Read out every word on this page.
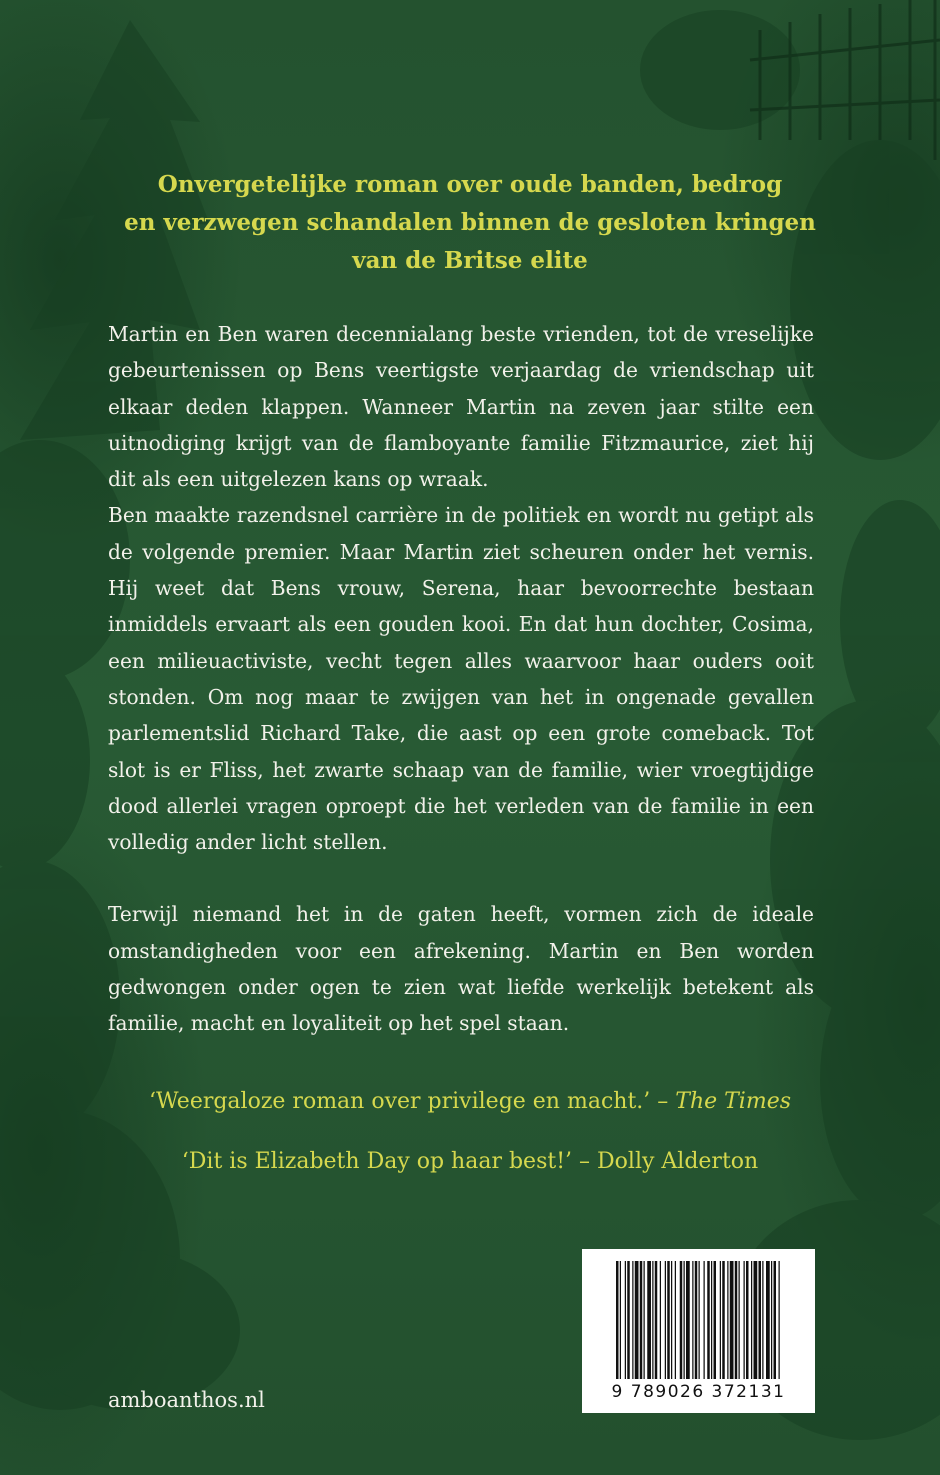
Onvergetelijke roman over oude banden, bedrog
en verzwegen schandalen binnen de gesloten kringen
van de Britse elite

Martin en Ben waren decennialang beste vrienden, tot de vreselijke gebeurtenissen op Bens veertigste verjaardag de vriendschap uit elkaar deden klappen. Wanneer Martin na zeven jaar stilte een uitnodiging krijgt van de flamboyante familie Fitzmaurice, ziet hij dit als een uitgelezen kans op wraak.

Ben maakte razendsnel carrière in de politiek en wordt nu getipt als de volgende premier. Maar Martin ziet scheuren onder het vernis. Hij weet dat Bens vrouw, Serena, haar bevoorrechte bestaan inmiddels ervaart als een gouden kooi. En dat hun dochter, Cosima, een milieuactiviste, vecht tegen alles waarvoor haar ouders ooit stonden. Om nog maar te zwijgen van het in ongenade gevallen parlementslid Richard Take, die aast op een grote comeback. Tot slot is er Fliss, het zwarte schaap van de familie, wier vroegtijdige dood allerlei vragen oproept die het verleden van de familie in een volledig ander licht stellen.

Terwijl niemand het in de gaten heeft, vormen zich de ideale omstandigheden voor een afrekening. Martin en Ben worden gedwongen onder ogen te zien wat liefde werkelijk betekent als familie, macht en loyaliteit op het spel staan.

‘Weergaloze roman over privilege en macht.’ – The Times

‘Dit is Elizabeth Day op haar best!’ – Dolly Alderton

amboanthos.nl	9 789026 372131
